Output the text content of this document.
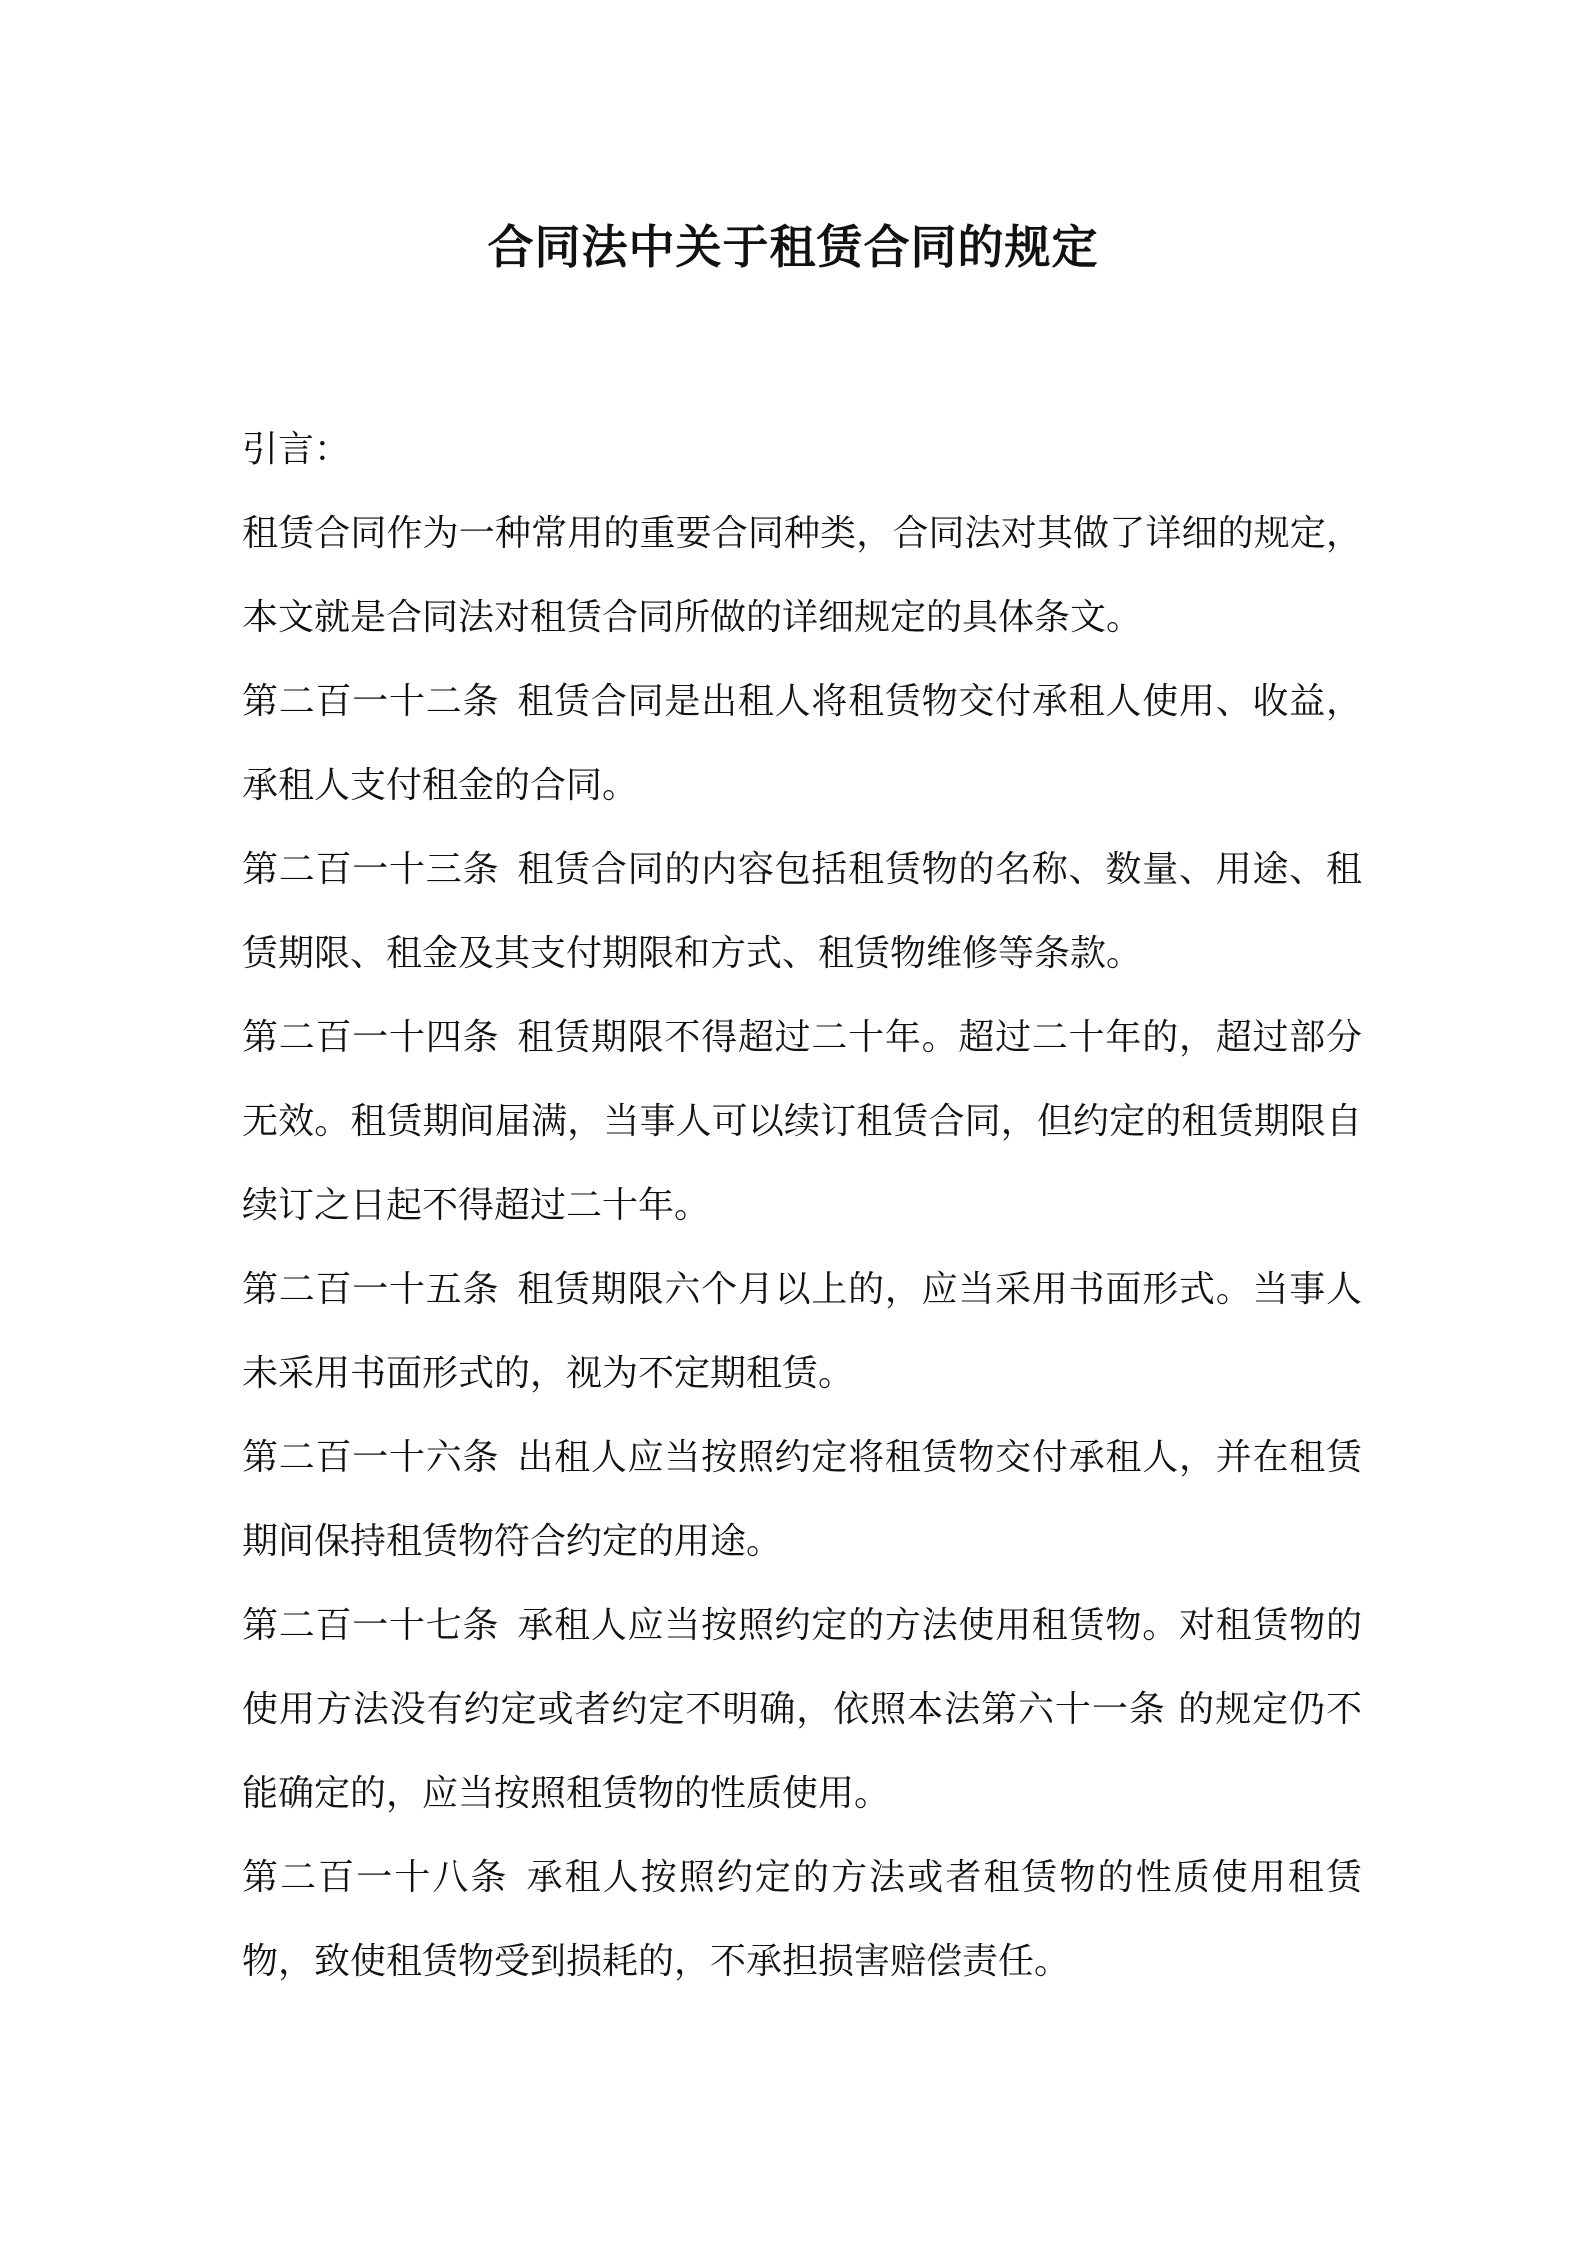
合同法中关于租赁合同的规定

引言：

租赁合同作为一种常用的重要合同种类，合同法对其做了详细的规定，本文就是合同法对租赁合同所做的详细规定的具体条文。

第二百一十二条 租赁合同是出租人将租赁物交付承租人使用、收益，承租人支付租金的合同。

第二百一十三条 租赁合同的内容包括租赁物的名称、数量、用途、租赁期限、租金及其支付期限和方式、租赁物维修等条款。

第二百一十四条 租赁期限不得超过二十年。超过二十年的，超过部分无效。租赁期间届满，当事人可以续订租赁合同，但约定的租赁期限自续订之日起不得超过二十年。

第二百一十五条 租赁期限六个月以上的，应当采用书面形式。当事人未采用书面形式的，视为不定期租赁。

第二百一十六条 出租人应当按照约定将租赁物交付承租人，并在租赁期间保持租赁物符合约定的用途。

第二百一十七条 承租人应当按照约定的方法使用租赁物。对租赁物的使用方法没有约定或者约定不明确，依照本法第六十一条 的规定仍不能确定的，应当按照租赁物的性质使用。

第二百一十八条 承租人按照约定的方法或者租赁物的性质使用租赁物，致使租赁物受到损耗的，不承担损害赔偿责任。
